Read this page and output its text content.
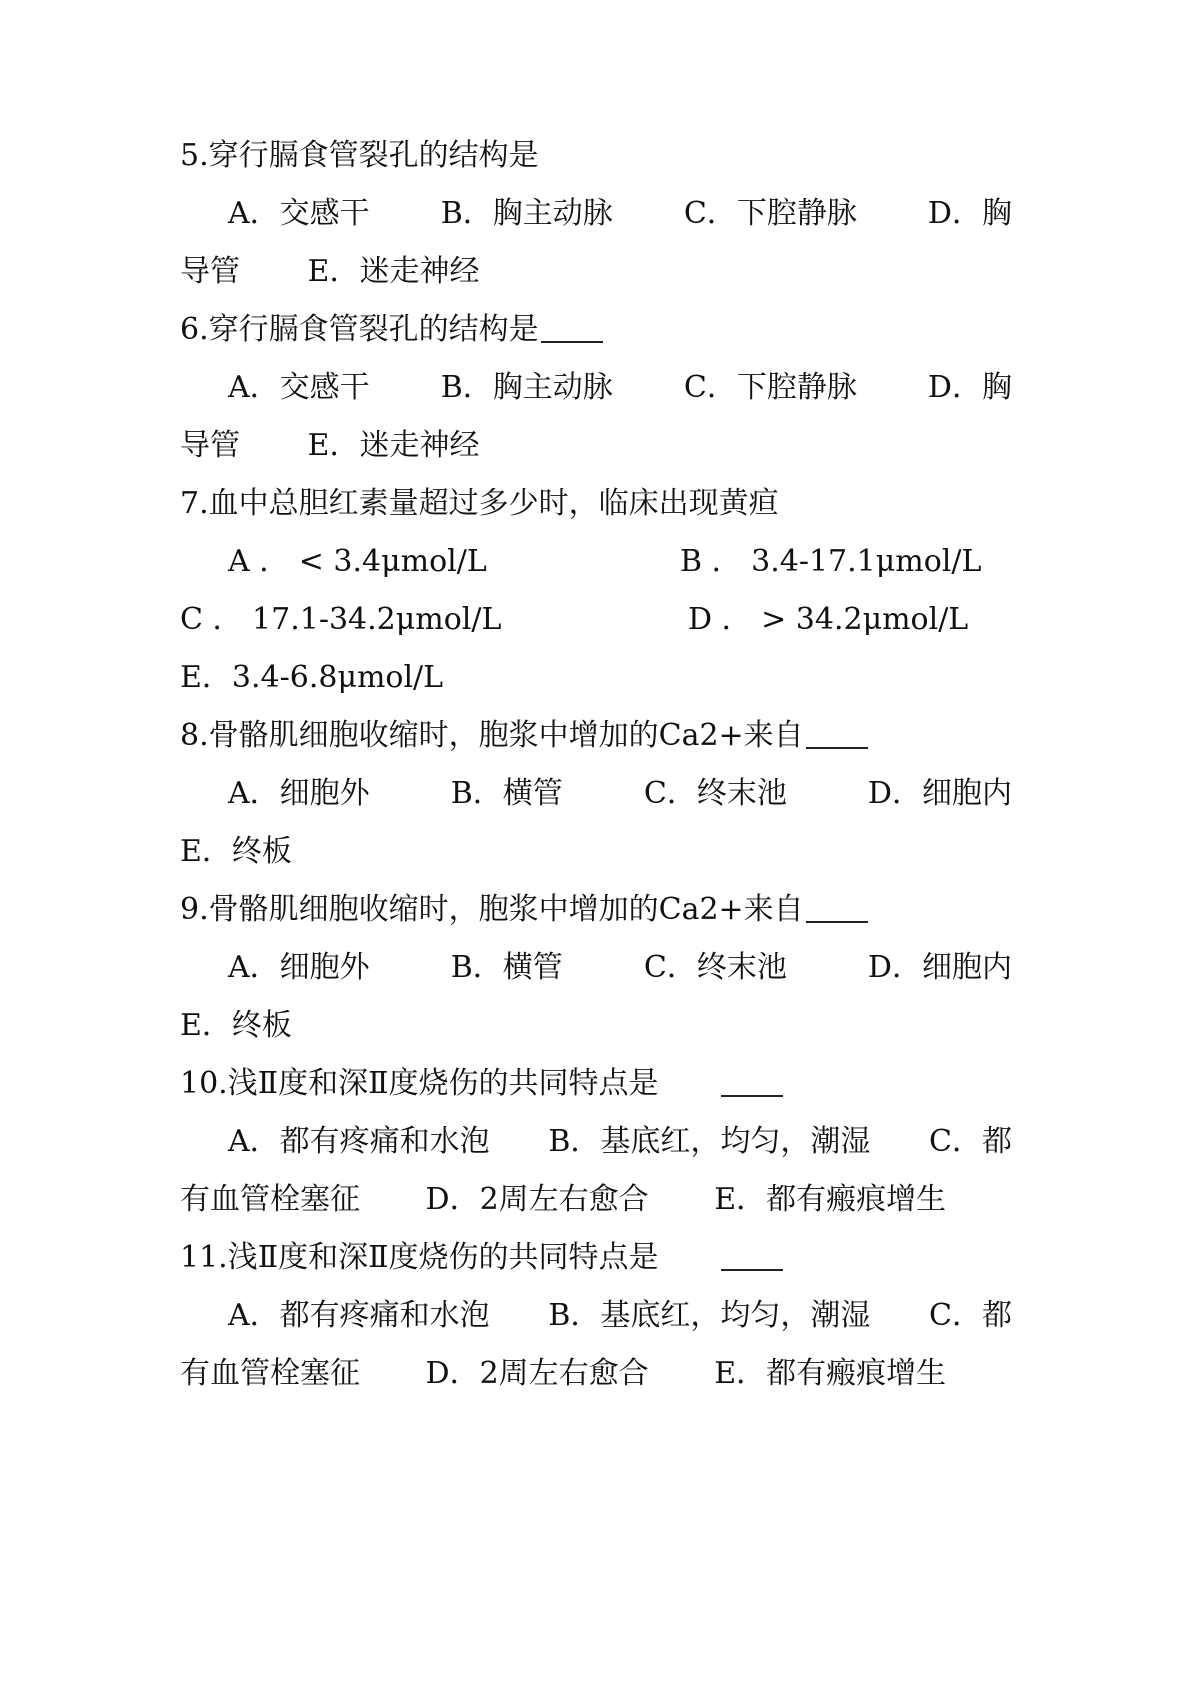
5.穿行膈食管裂孔的结构是
A．交感干 B．胸主动脉 C．下腔静脉 D．胸
导管 E．迷走神经
6.穿行膈食管裂孔的结构是
A．交感干 B．胸主动脉 C．下腔静脉 D．胸
导管 E．迷走神经
7.血中总胆红素量超过多少时，临床出现黄疸
A ． < 3.4μmol/L	B ． 3.4-17.1μmol/L
C ． 17.1-34.2μmol/L	D ． > 34.2μmol/L
E．3.4-6.8μmol/L
8.骨骼肌细胞收缩时，胞浆中增加的Ca2+来自
A．细胞外	B．横管	C．终末池	D．细胞内
E．终板
9.骨骼肌细胞收缩时，胞浆中增加的Ca2+来自
A．细胞外	B．横管	C．终末池	D．细胞内
E．终板
10.浅Ⅱ度和深Ⅱ度烧伤的共同特点是
A．都有疼痛和水泡 B．基底红，均匀，潮湿 C．都
有血管栓塞征 D．2周左右愈合 E．都有瘢痕增生
11.浅Ⅱ度和深Ⅱ度烧伤的共同特点是
A．都有疼痛和水泡 B．基底红，均匀，潮湿 C．都
有血管栓塞征 D．2周左右愈合 E．都有瘢痕增生
